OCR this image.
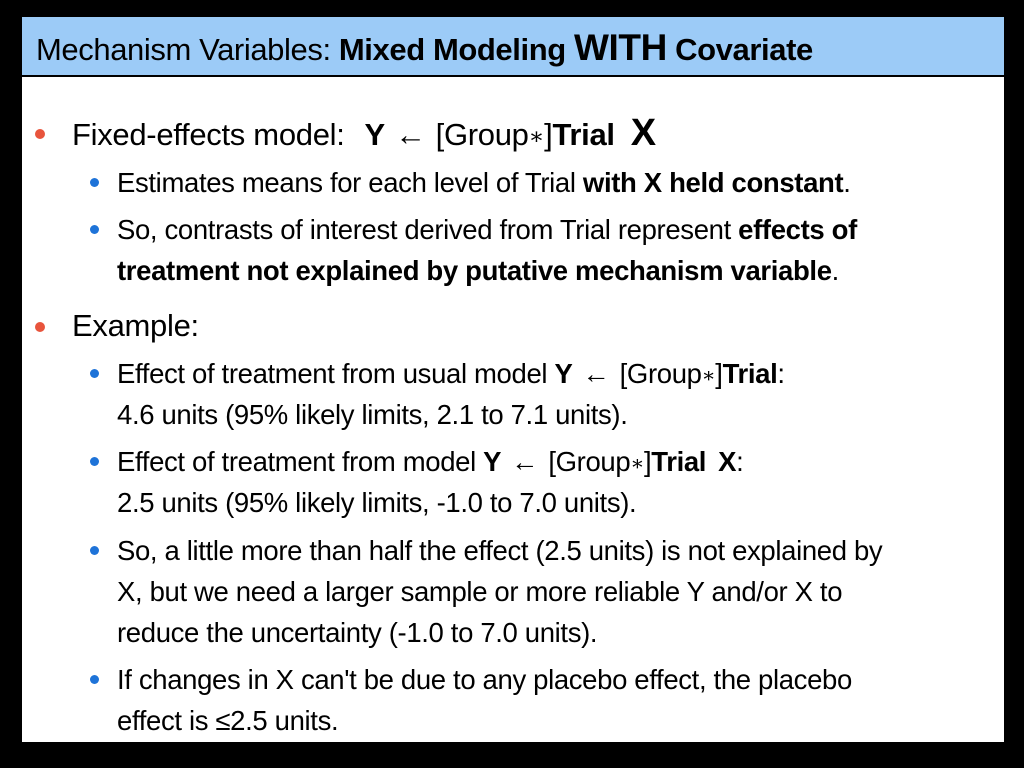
Mechanism Variables: Mixed Modeling WITH Covariate
Fixed-effects model: Y ← [Group∗]Trial X
Estimates means for each level of Trial with X held constant.
So, contrasts of interest derived from Trial represent effects of
treatment not explained by putative mechanism variable.
Example:
Effect of treatment from usual model Y ← [Group∗]Trial:
4.6 units (95% likely limits, 2.1 to 7.1 units).
Effect of treatment from model Y ← [Group∗]Trial X:
2.5 units (95% likely limits, -1.0 to 7.0 units).
So, a little more than half the effect (2.5 units) is not explained by
X, but we need a larger sample or more reliable Y and/or X to
reduce the uncertainty (-1.0 to 7.0 units).
If changes in X can't be due to any placebo effect, the placebo
effect is ≤2.5 units.
